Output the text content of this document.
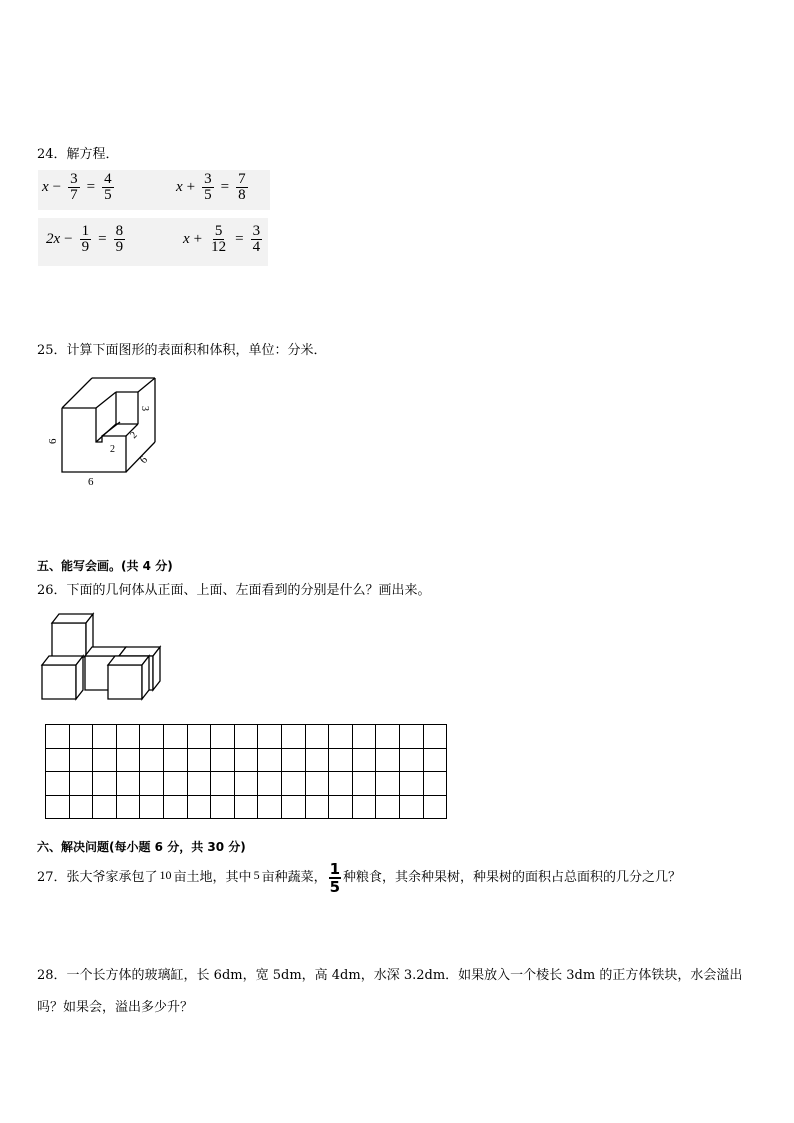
24．解方程．
$x - \frac{3}{7} = \frac{4}{5}$	$x + \frac{3}{5} = \frac{7}{8}$
$2x - \frac{1}{9} = \frac{8}{9}$	$x + \frac{5}{12} = \frac{3}{4}$
25．计算下面图形的表面积和体积，单位：分米．
6
6
6
3
2
2
五、能写会画。(共 4 分)
26．下面的几何体从正面、上面、左面看到的分别是什么？画出来。

六、解决问题(每小题 6 分，共 30 分)
27．张大爷家承包了 10 亩土地，其中 5 亩种蔬菜， 1
5
种粮食，其余种果树，种果树的面积占总面积的几分之几？
28．一个长方体的玻璃缸，长 6dm，宽 5dm，高 4dm，水深 3.2dm．如果放入一个棱长 3dm 的正方体铁块，水会溢出
吗？如果会，溢出多少升？
